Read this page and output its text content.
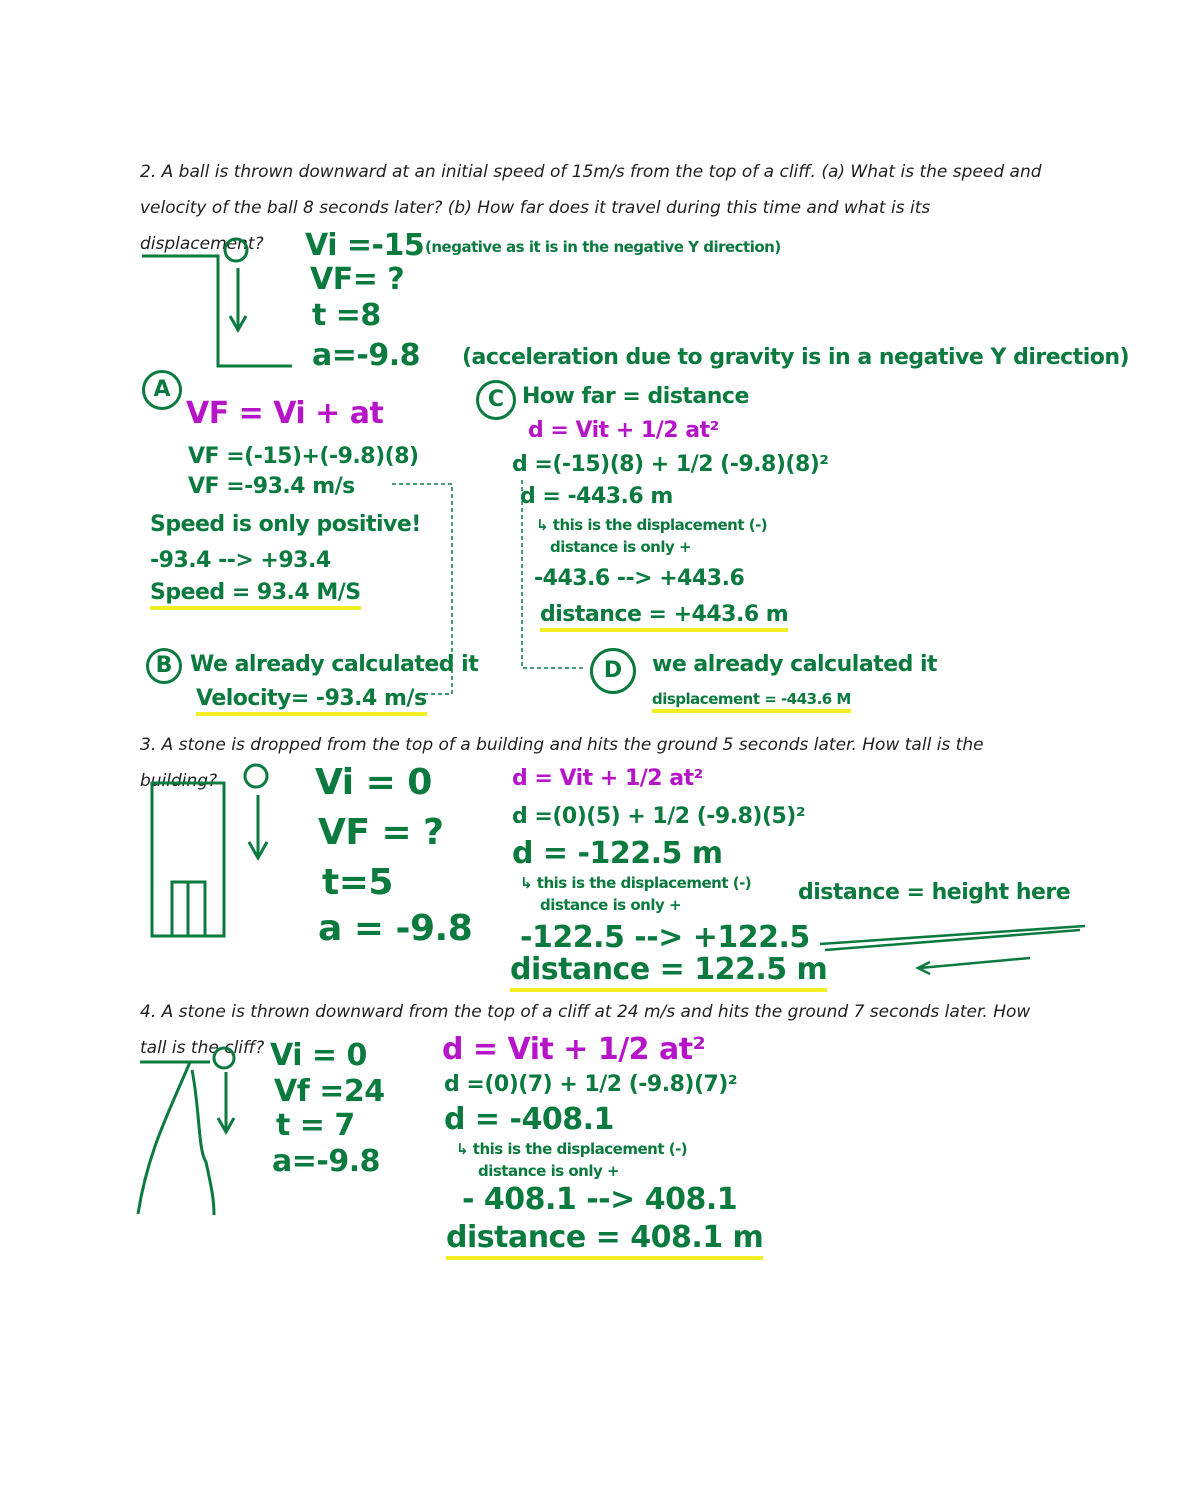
2. A ball is thrown downward at an initial speed of 15m/s from the top of a cliff. (a) What is the speed and velocity of the ball 8 seconds later? (b) How far does it travel during this time and what is its displacement?

3. A stone is dropped from the top of a building and hits the ground 5 seconds later. How tall is the building?

4. A stone is thrown downward from the top of a cliff at 24 m/s and hits the ground 7 seconds later. How tall is the cliff?

Vi =-15 (negative as it is in the negative Y direction)
VF= ?
t =8
a=-9.8 (acceleration due to gravity is in a negative Y direction)
A
VF = Vi + at
VF =(-15)+(-9.8)(8)
VF =-93.4 m/s
Speed is only positive!
-93.4 --> +93.4
Speed = 93.4 M/S
B We already calculated it
Velocity= -93.4 m/s
C How far = distance
d = Vit + 1/2 at²
d =(-15)(8) + 1/2 (-9.8)(8)²
d = -443.6 m
↳ this is the displacement (-)
distance is only +
-443.6 --> +443.6
distance = +443.6 m
D	we already calculated it
displacement = -443.6 M
Vi = 0
VF = ?
t=5
a = -9.8
d = Vit + 1/2 at²
d =(0)(5) + 1/2 (-9.8)(5)²
d = -122.5 m
↳ this is the displacement (-)
distance is only +
-122.5 --> +122.5
distance = 122.5 m
distance = height here
Vi = 0
Vf =24
t = 7
a=-9.8
d = Vit + 1/2 at²
d =(0)(7) + 1/2 (-9.8)(7)²
d = -408.1
↳ this is the displacement (-)
distance is only +
- 408.1 --> 408.1
distance = 408.1 m
